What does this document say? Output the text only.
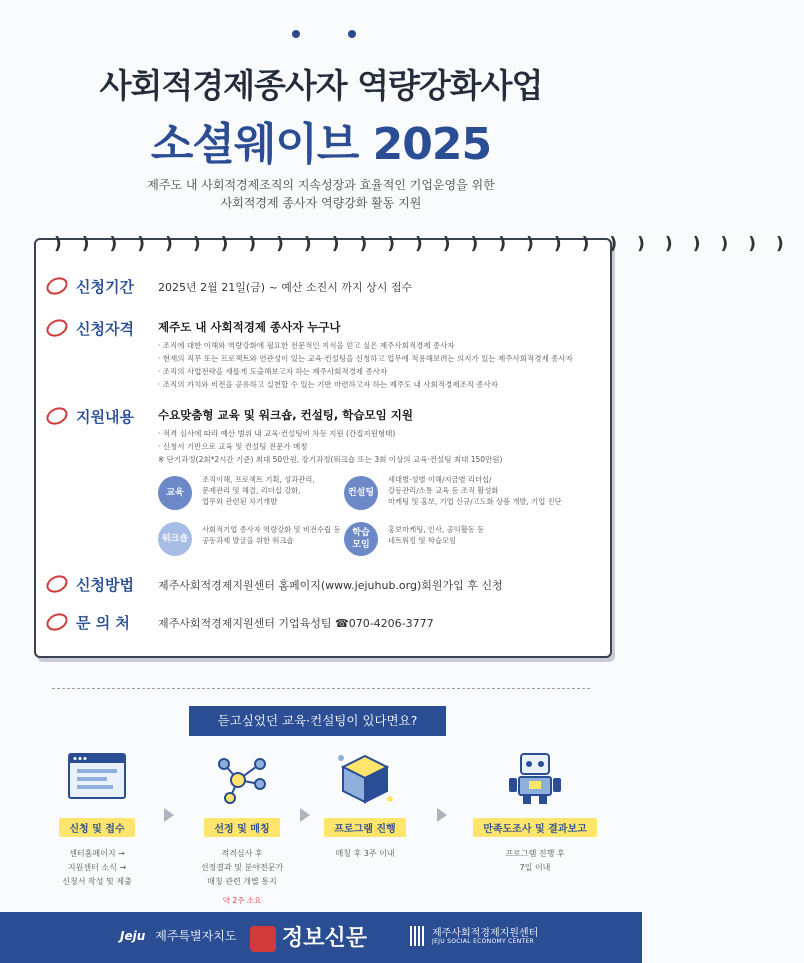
사회적경제종사자 역량강화사업
소셜웨이브 2025
제주도 내 사회적경제조직의 지속성장과 효율적인 기업운영을 위한
사회적경제 종사자 역량강화 활동 지원
)))))))))))))))))))))))))))
신청기간	2025년 2월 21일(금) ~ 예산 소진시 까지 상시 접수
신청자격	제주도 내 사회적경제 종사자 누구나
· 조직에 대한 이해와 역량강화에 필요한 전문적인 지식을 얻고 싶은 제주사회적경제 종사자
· 현재의 직무 또는 프로젝트와 연관성이 있는 교육·컨설팅을 신청하고 업무에 적용해보려는 의지가 있는 제주사회적경제 종사자
· 조직의 사업전략을 새롭게 도출해보고자 하는 제주사회적경제 종사자
· 조직의 가치와 비전을 공유하고 실천할 수 있는 기반 마련하고자 하는 제주도 내 사회적경제조직 종사자
지원내용	수요맞춤형 교육 및 워크숍, 컨설팅, 학습모임 지원
· 적격 심사에 따라 예산 범위 내 교육·컨설팅비 차등 지원 (간접지원형태)
· 신청서 기반으로 교육 및 컨설팅 전문가 매칭
※ 단기과정(2회*2시간 기준) 최대 50만원, 장기과정(워크숍 또는 3회 이상의 교육·컨설팅 최대 150만원)
교육
조직이해, 프로젝트 기획, 성과관리,
문제관리 및 해결, 리더십 강화,
업무와 관련된 자기개발
컨설팅
세대별·성별 이해/지금별 리더십/
갈등관리/소통 교육 등 조직 활성화
마케팅 및 홍보, 기업 신규/고도화 상품 개발, 기업 진단
워크숍
사회적기업 종사자 역량강화 및 비전수립 등
공동과제 발굴을 위한 워크숍
학습
모임
홍보마케팅, 인사, 공익활동 등
네트워킹 및 학습모임
신청방법	제주사회적경제지원센터 홈페이지(www.jejuhub.org)회원가입 후 신청
문 의 처	제주사회적경제지원센터 기업육성팀 ☎070-4206-3777
듣고싶었던 교육·컨설팅이 있다면요?
신청 및 접수
센터홈페이지 →
지원센터 소식 →
신청서 작성 및 제출
선정 및 매칭
적격심사 후
선정결과 및 분야전문가
매칭 관련 개별 통지
약 2주 소요
프로그램 진행
매칭 후 3주 이내
만족도조사 및 결과보고
프로그램 진행 후
7일 이내
Jeju 제주특별자치도	정보신문	제주사회적경제지원센터
JEJU SOCIAL ECONOMY CENTER
